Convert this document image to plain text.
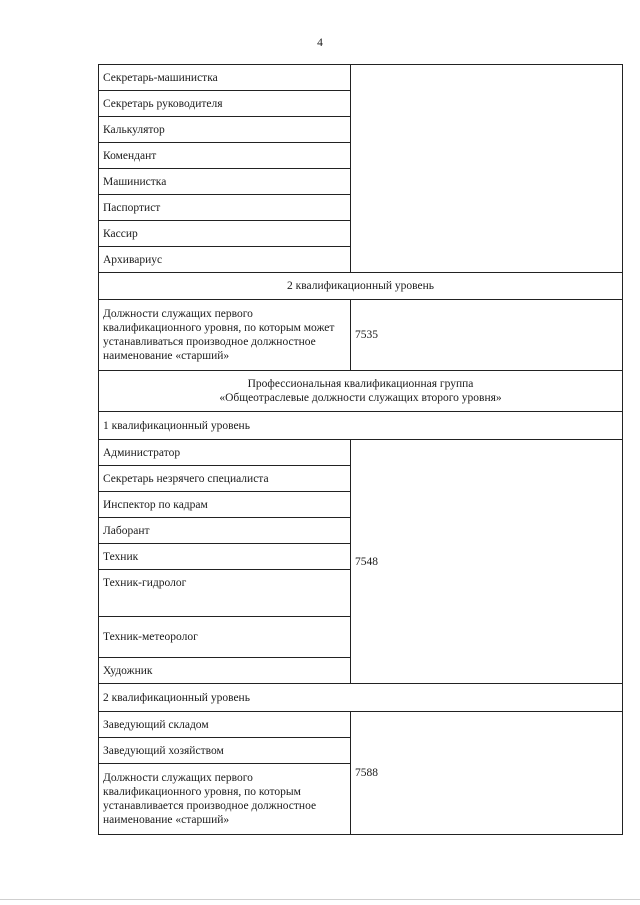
4
Секретарь-машинистка	
Секретарь руководителя	
Калькулятор	
Комендант	
Машинистка	
Паспортист	
Кассир	
Архивариус	
2 квалификационный уровень	
Должности служащих первого квалификационного уровня, по которым может устанавливаться производное должностное наименование «старший»	7535

Профессиональная квалификационная группа
«Общеотраслевые должности служащих второго уровня»	

1 квалификационный уровень	
Администратор	7548
Секретарь незрячего специалиста	
Инспектор по кадрам	
Лаборант	
Техник	
Техник-гидролог	
Техник-метеоролог	
Художник	
2 квалификационный уровень	
Заведующий складом	7588
Заведующий хозяйством	
Должности служащих первого квалификационного уровня, по которым устанавливается производное должностное наименование «старший»	
